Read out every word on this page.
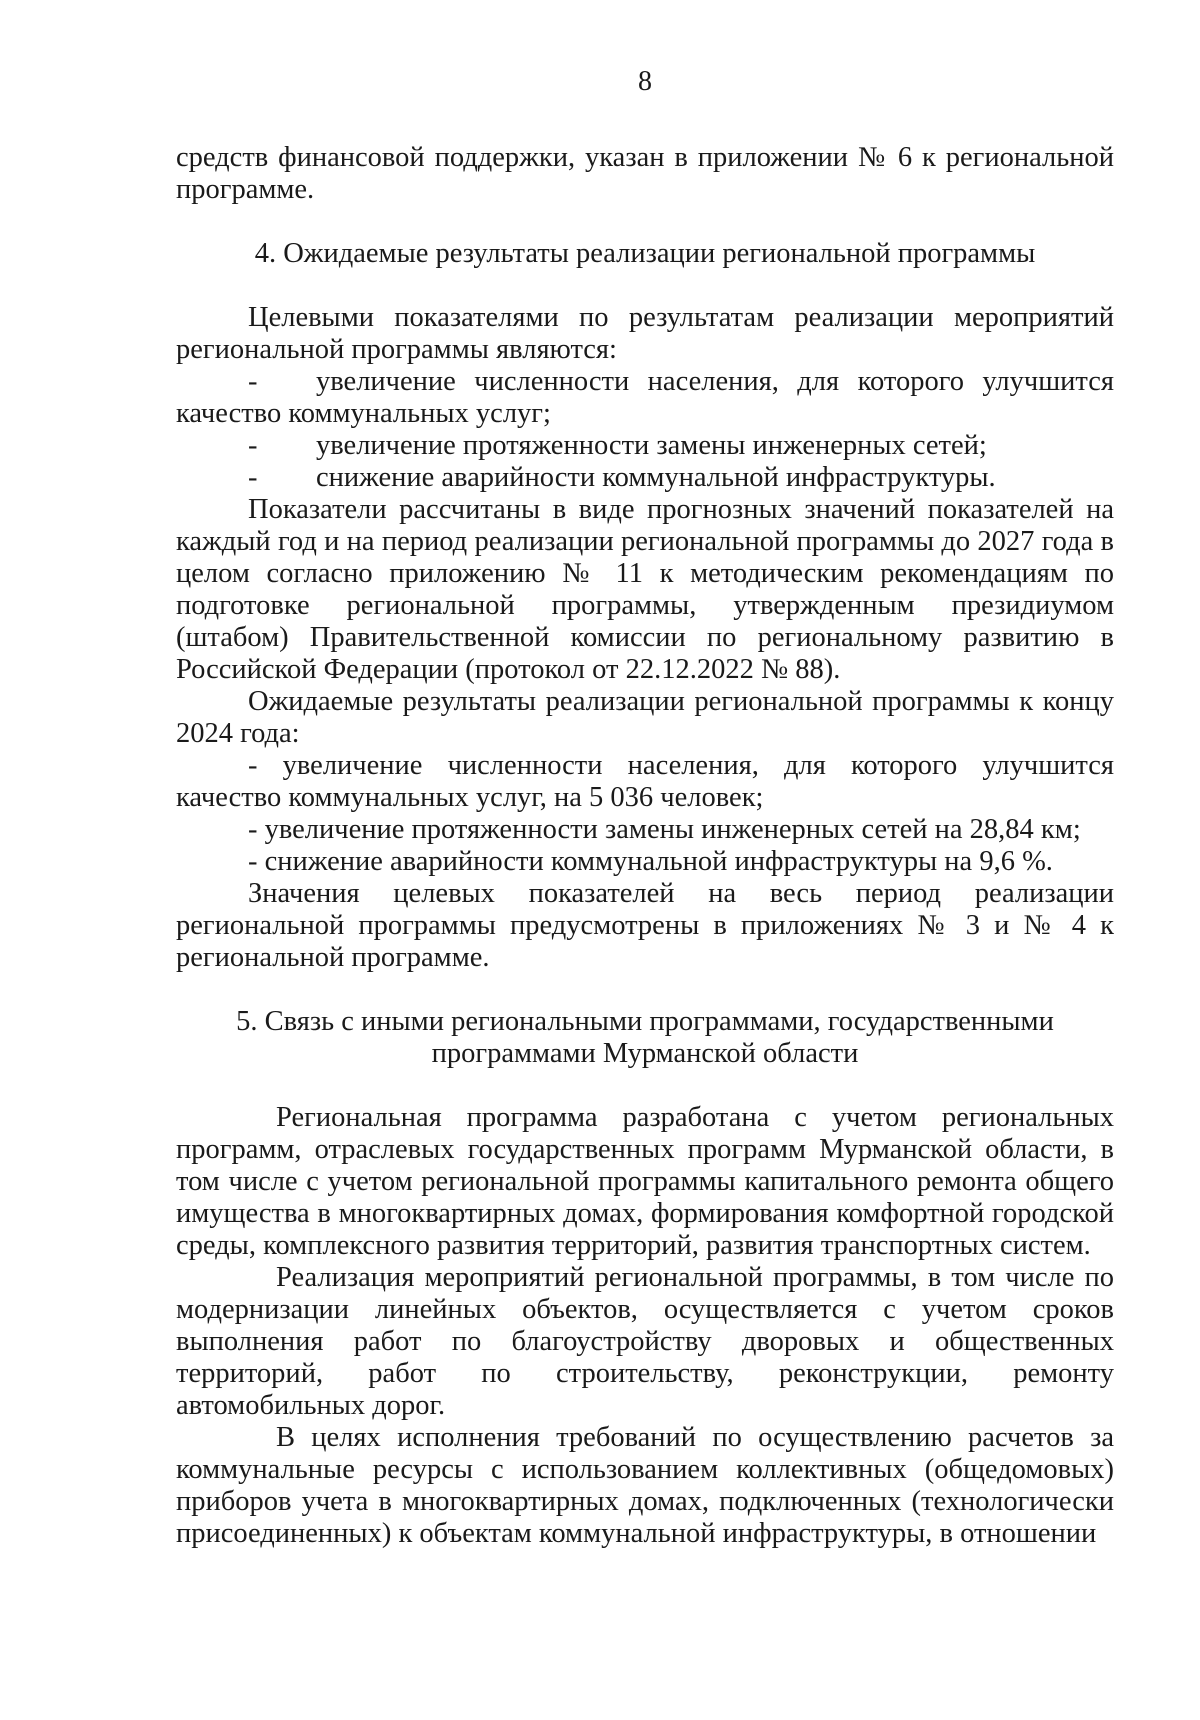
8

средств финансовой поддержки, указан в приложении № 6 к региональной программе.

4. Ожидаемые результаты реализации региональной программы

Целевыми показателями по результатам реализации мероприятий региональной программы являются:

- увеличение численности населения, для которого улучшится качество коммунальных услуг;

- увеличение протяженности замены инженерных сетей;

- снижение аварийности коммунальной инфраструктуры.

Показатели рассчитаны в виде прогнозных значений показателей на каждый год и на период реализации региональной программы до 2027 года в целом согласно приложению № 11 к методическим рекомендациям по подготовке региональной программы, утвержденным президиумом (штабом) Правительственной комиссии по региональному развитию в Российской Федерации (протокол от 22.12.2022 № 88).

Ожидаемые результаты реализации региональной программы к концу 2024 года:

- увеличение численности населения, для которого улучшится качество коммунальных услуг, на 5 036 человек;

- увеличение протяженности замены инженерных сетей на 28,84 км;

- снижение аварийности коммунальной инфраструктуры на 9,6 %.

Значения целевых показателей на весь период реализации региональной программы предусмотрены в приложениях № 3 и № 4 к региональной программе.

5. Связь с иными региональными программами, государственными
программами Мурманской области

Региональная программа разработана с учетом региональных программ, отраслевых государственных программ Мурманской области, в том числе с учетом региональной программы капитального ремонта общего имущества в многоквартирных домах, формирования комфортной городской среды, комплексного развития территорий, развития транспортных систем.

Реализация мероприятий региональной программы, в том числе по модернизации линейных объектов, осуществляется с учетом сроков выполнения работ по благоустройству дворовых и общественных территорий, работ по строительству, реконструкции, ремонту автомобильных дорог.

В целях исполнения требований по осуществлению расчетов за коммунальные ресурсы с использованием коллективных (общедомовых) приборов учета в многоквартирных домах, подключенных (технологически присоединенных) к объектам коммунальной инфраструктуры, в отношении
